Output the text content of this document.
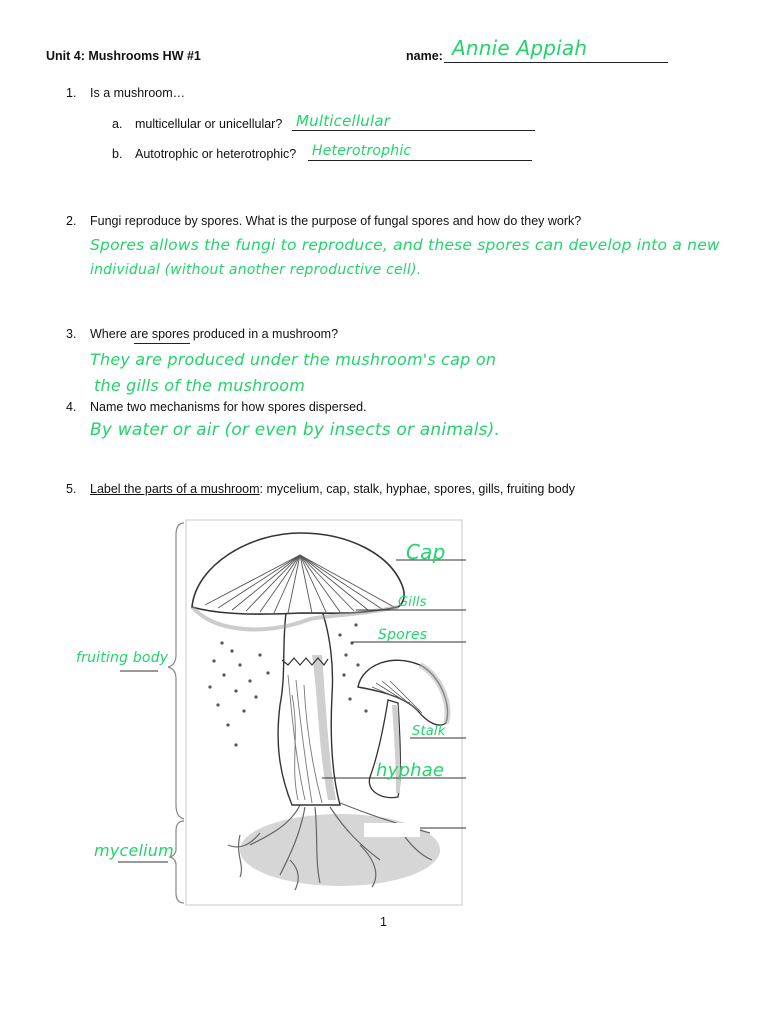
Unit 4: Mushrooms HW #1	name: Annie Appiah
1. Is a mushroom…
a. multicellular or unicellular? Multicellular
b. Autotrophic or heterotrophic? Heterotrophic
2. Fungi reproduce by spores. What is the purpose of fungal spores and how do they work?
Spores allows the fungi to reproduce, and these spores can develop into a new
individual (without another reproductive cell).
3. Where are spores produced in a mushroom?
They are produced under the mushroom's cap on
the gills of the mushroom
4. Name two mechanisms for how spores dispersed.
By water or air (or even by insects or animals).
5. Label the parts of a mushroom: mycelium, cap, stalk, hyphae, spores, gills, fruiting body
Cap
Gills
Spores
Stalk
hyphae
fruiting body
mycelium
1
